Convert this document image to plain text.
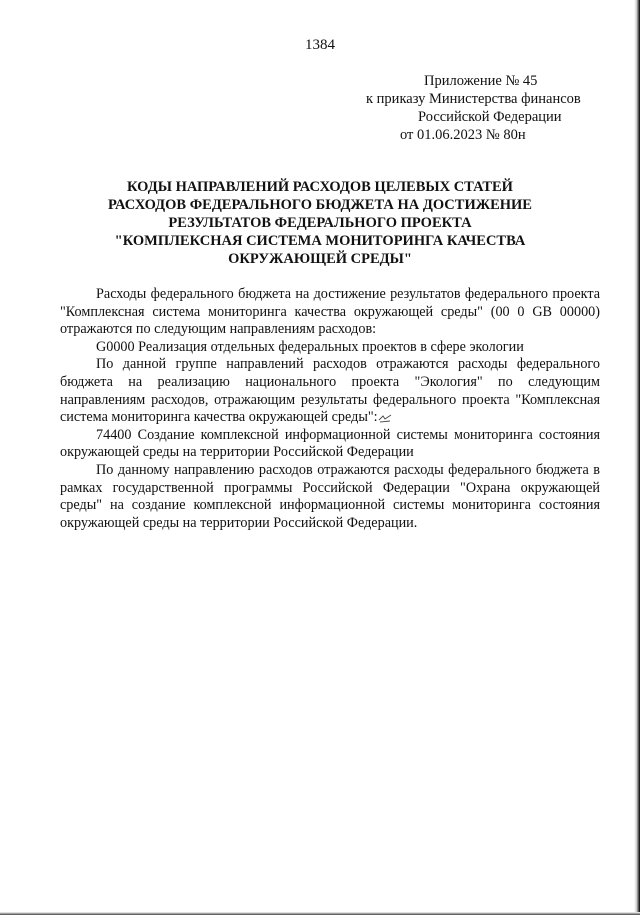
1384
Приложение № 45
к приказу Министерства финансов
Российской Федерации
от 01.06.2023 № 80н
КОДЫ НАПРАВЛЕНИЙ РАСХОДОВ ЦЕЛЕВЫХ СТАТЕЙ
РАСХОДОВ ФЕДЕРАЛЬНОГО БЮДЖЕТА НА ДОСТИЖЕНИЕ
РЕЗУЛЬТАТОВ ФЕДЕРАЛЬНОГО ПРОЕКТА
"КОМПЛЕКСНАЯ СИСТЕМА МОНИТОРИНГА КАЧЕСТВА
ОКРУЖАЮЩЕЙ СРЕДЫ"

Расходы федерального бюджета на достижение результатов федерального проекта "Комплексная система мониторинга качества окружающей среды" (00 0 GB 00000) отражаются по следующим направлениям расходов:

G0000 Реализация отдельных федеральных проектов в сфере экологии

По данной группе направлений расходов отражаются расходы федерального бюджета на реализацию национального проекта "Экология" по следующим направлениям расходов, отражающим результаты федерального проекта "Комплексная система мониторинга качества окружающей среды":

74400 Создание комплексной информационной системы мониторинга состояния окружающей среды на территории Российской Федерации

По данному направлению расходов отражаются расходы федерального бюджета в рамках государственной программы Российской Федерации "Охрана окружающей среды" на создание комплексной информационной системы мониторинга состояния окружающей среды на территории Российской Федерации.
